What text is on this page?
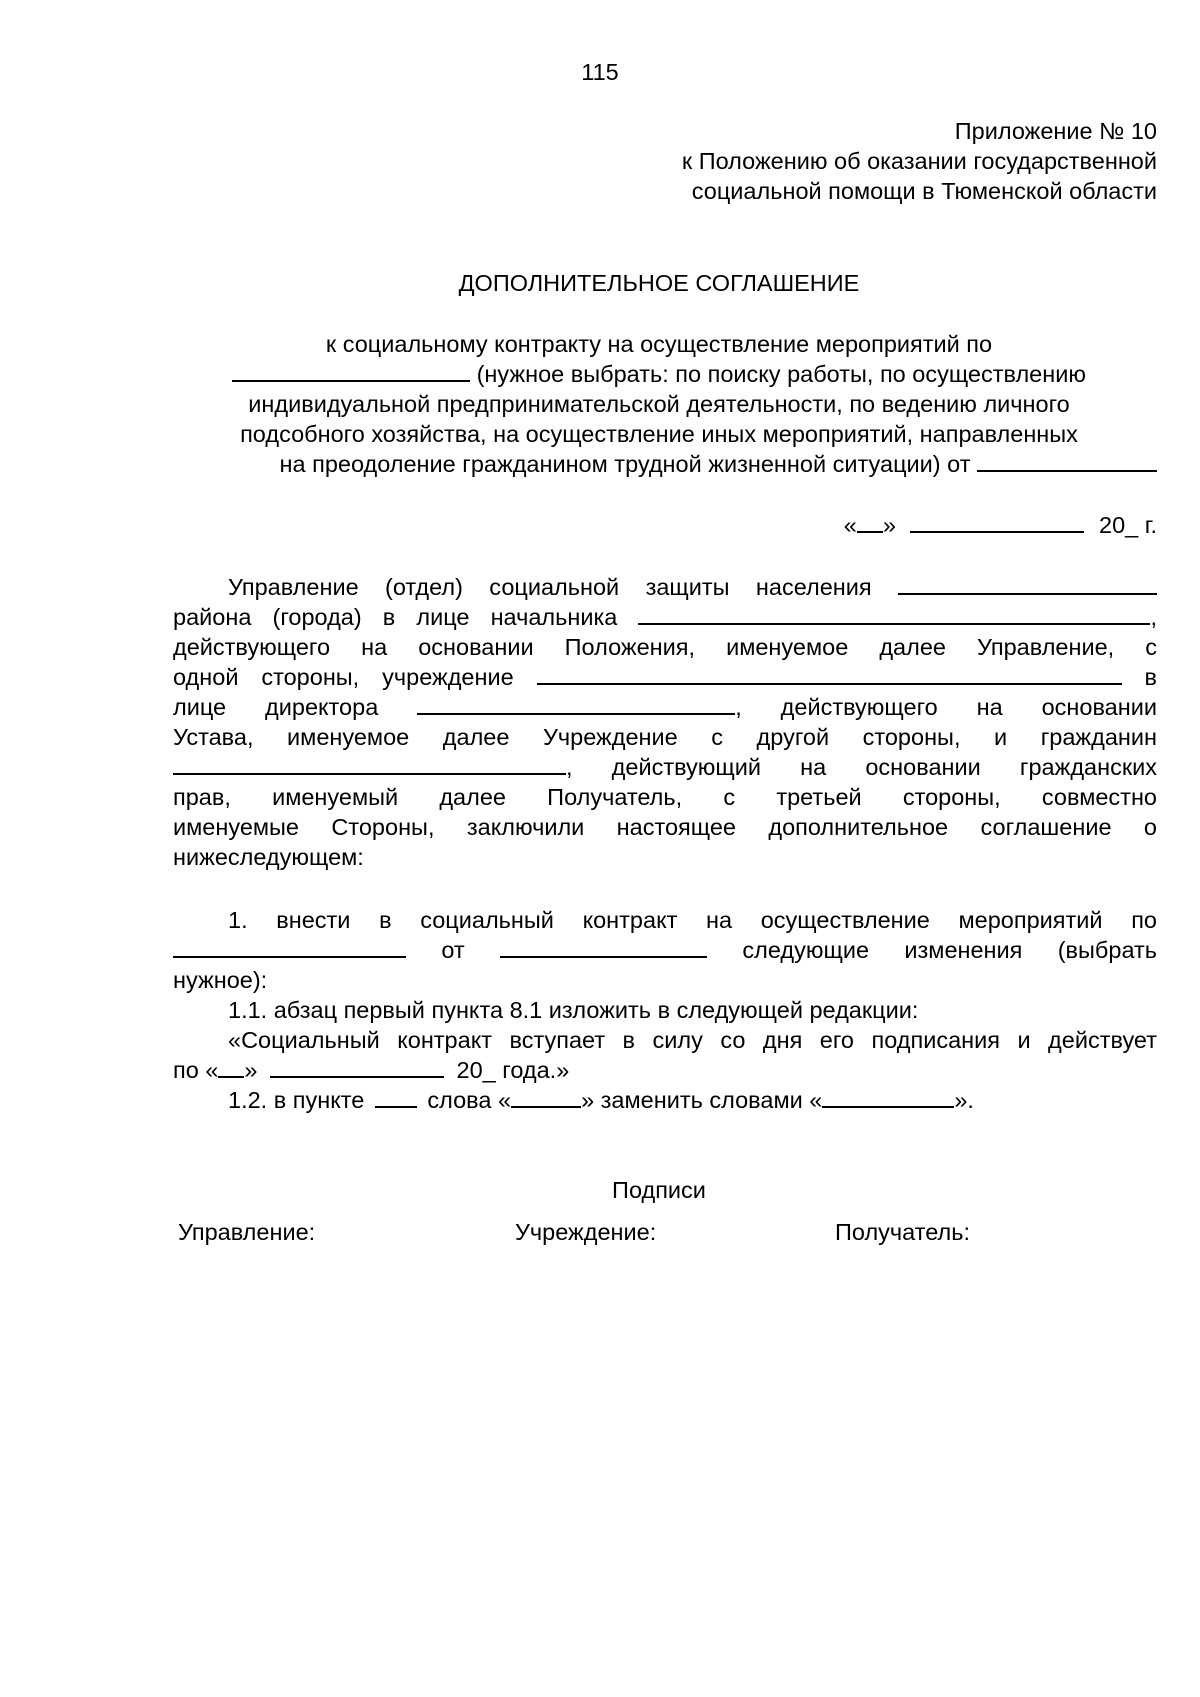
115
Приложение № 10
к Положению об оказании государственной
социальной помощи в Тюменской области
ДОПОЛНИТЕЛЬНОЕ СОГЛАШЕНИЕ
к социальному контракту на осуществление мероприятий по
(нужное выбрать: по поиску работы, по осуществлению
индивидуальной предпринимательской деятельности, по ведению личного
подсобного хозяйства, на осуществление иных мероприятий, направленных
на преодоление гражданином трудной жизненной ситуации) от
« »	20_ г.
Управление (отдел) социальной защиты населения
района (города) в лице начальника	,
действующего на основании Положения, именуемое далее Управление, с
одной стороны, учреждение	в
лице директора	, действующего на основании
Устава, именуемое далее Учреждение с другой стороны, и гражданин
, действующий на основании гражданских
прав, именуемый далее Получатель, с третьей стороны, совместно
именуемые Стороны, заключили настоящее дополнительное соглашение о
нижеследующем:
1. внести в социальный контракт на осуществление мероприятий по
от	следующие изменения (выбрать
нужное):
1.1. абзац первый пункта 8.1 изложить в следующей редакции:
«Социальный контракт вступает в силу со дня его подписания и действует
по « »	20_ года.»
1.2. в пункте	слова «	» заменить словами «	».
Подписи
Управление:	Учреждение:	Получатель:
